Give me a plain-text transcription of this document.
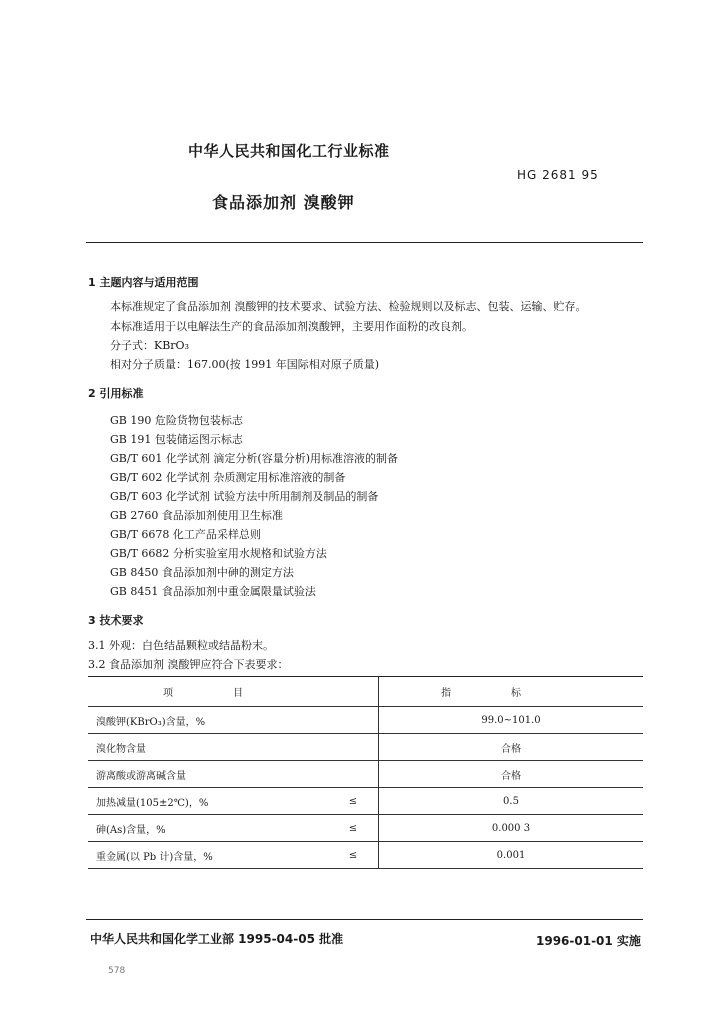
中华人民共和国化工行业标准
HG 2681 95
食品添加剂 溴酸钾
1 主题内容与适用范围
本标准规定了食品添加剂 溴酸钾的技术要求、试验方法、检验规则以及标志、包装、运输、贮存。
本标准适用于以电解法生产的食品添加剂溴酸钾，主要用作面粉的改良剂。
分子式：KBrO₃
相对分子质量：167.00(按 1991 年国际相对原子质量)
2 引用标准
GB 190 危险货物包装标志
GB 191 包装储运图示标志
GB/T 601 化学试剂 滴定分析(容量分析)用标准溶液的制备
GB/T 602 化学试剂 杂质测定用标准溶液的制备
GB/T 603 化学试剂 试验方法中所用制剂及制品的制备
GB 2760 食品添加剂使用卫生标准
GB/T 6678 化工产品采样总则
GB/T 6682 分析实验室用水规格和试验方法
GB 8450 食品添加剂中砷的测定方法
GB 8451 食品添加剂中重金属限量试验法
3 技术要求
3.1 外观：白色结晶颗粒或结晶粉末。
3.2 食品添加剂 溴酸钾应符合下表要求：
项目		指标
溴酸钾(KBrO₃)含量，%		99.0~101.0
溴化物含量		合格
游离酸或游离碱含量		合格
加热减量(105±2℃)，%	≤	0.5
砷(As)含量，%	≤	0.000 3
重金属(以 Pb 计)含量，%	≤	0.001
中华人民共和国化学工业部 1995-04-05 批准	1996-01-01 实施
578
